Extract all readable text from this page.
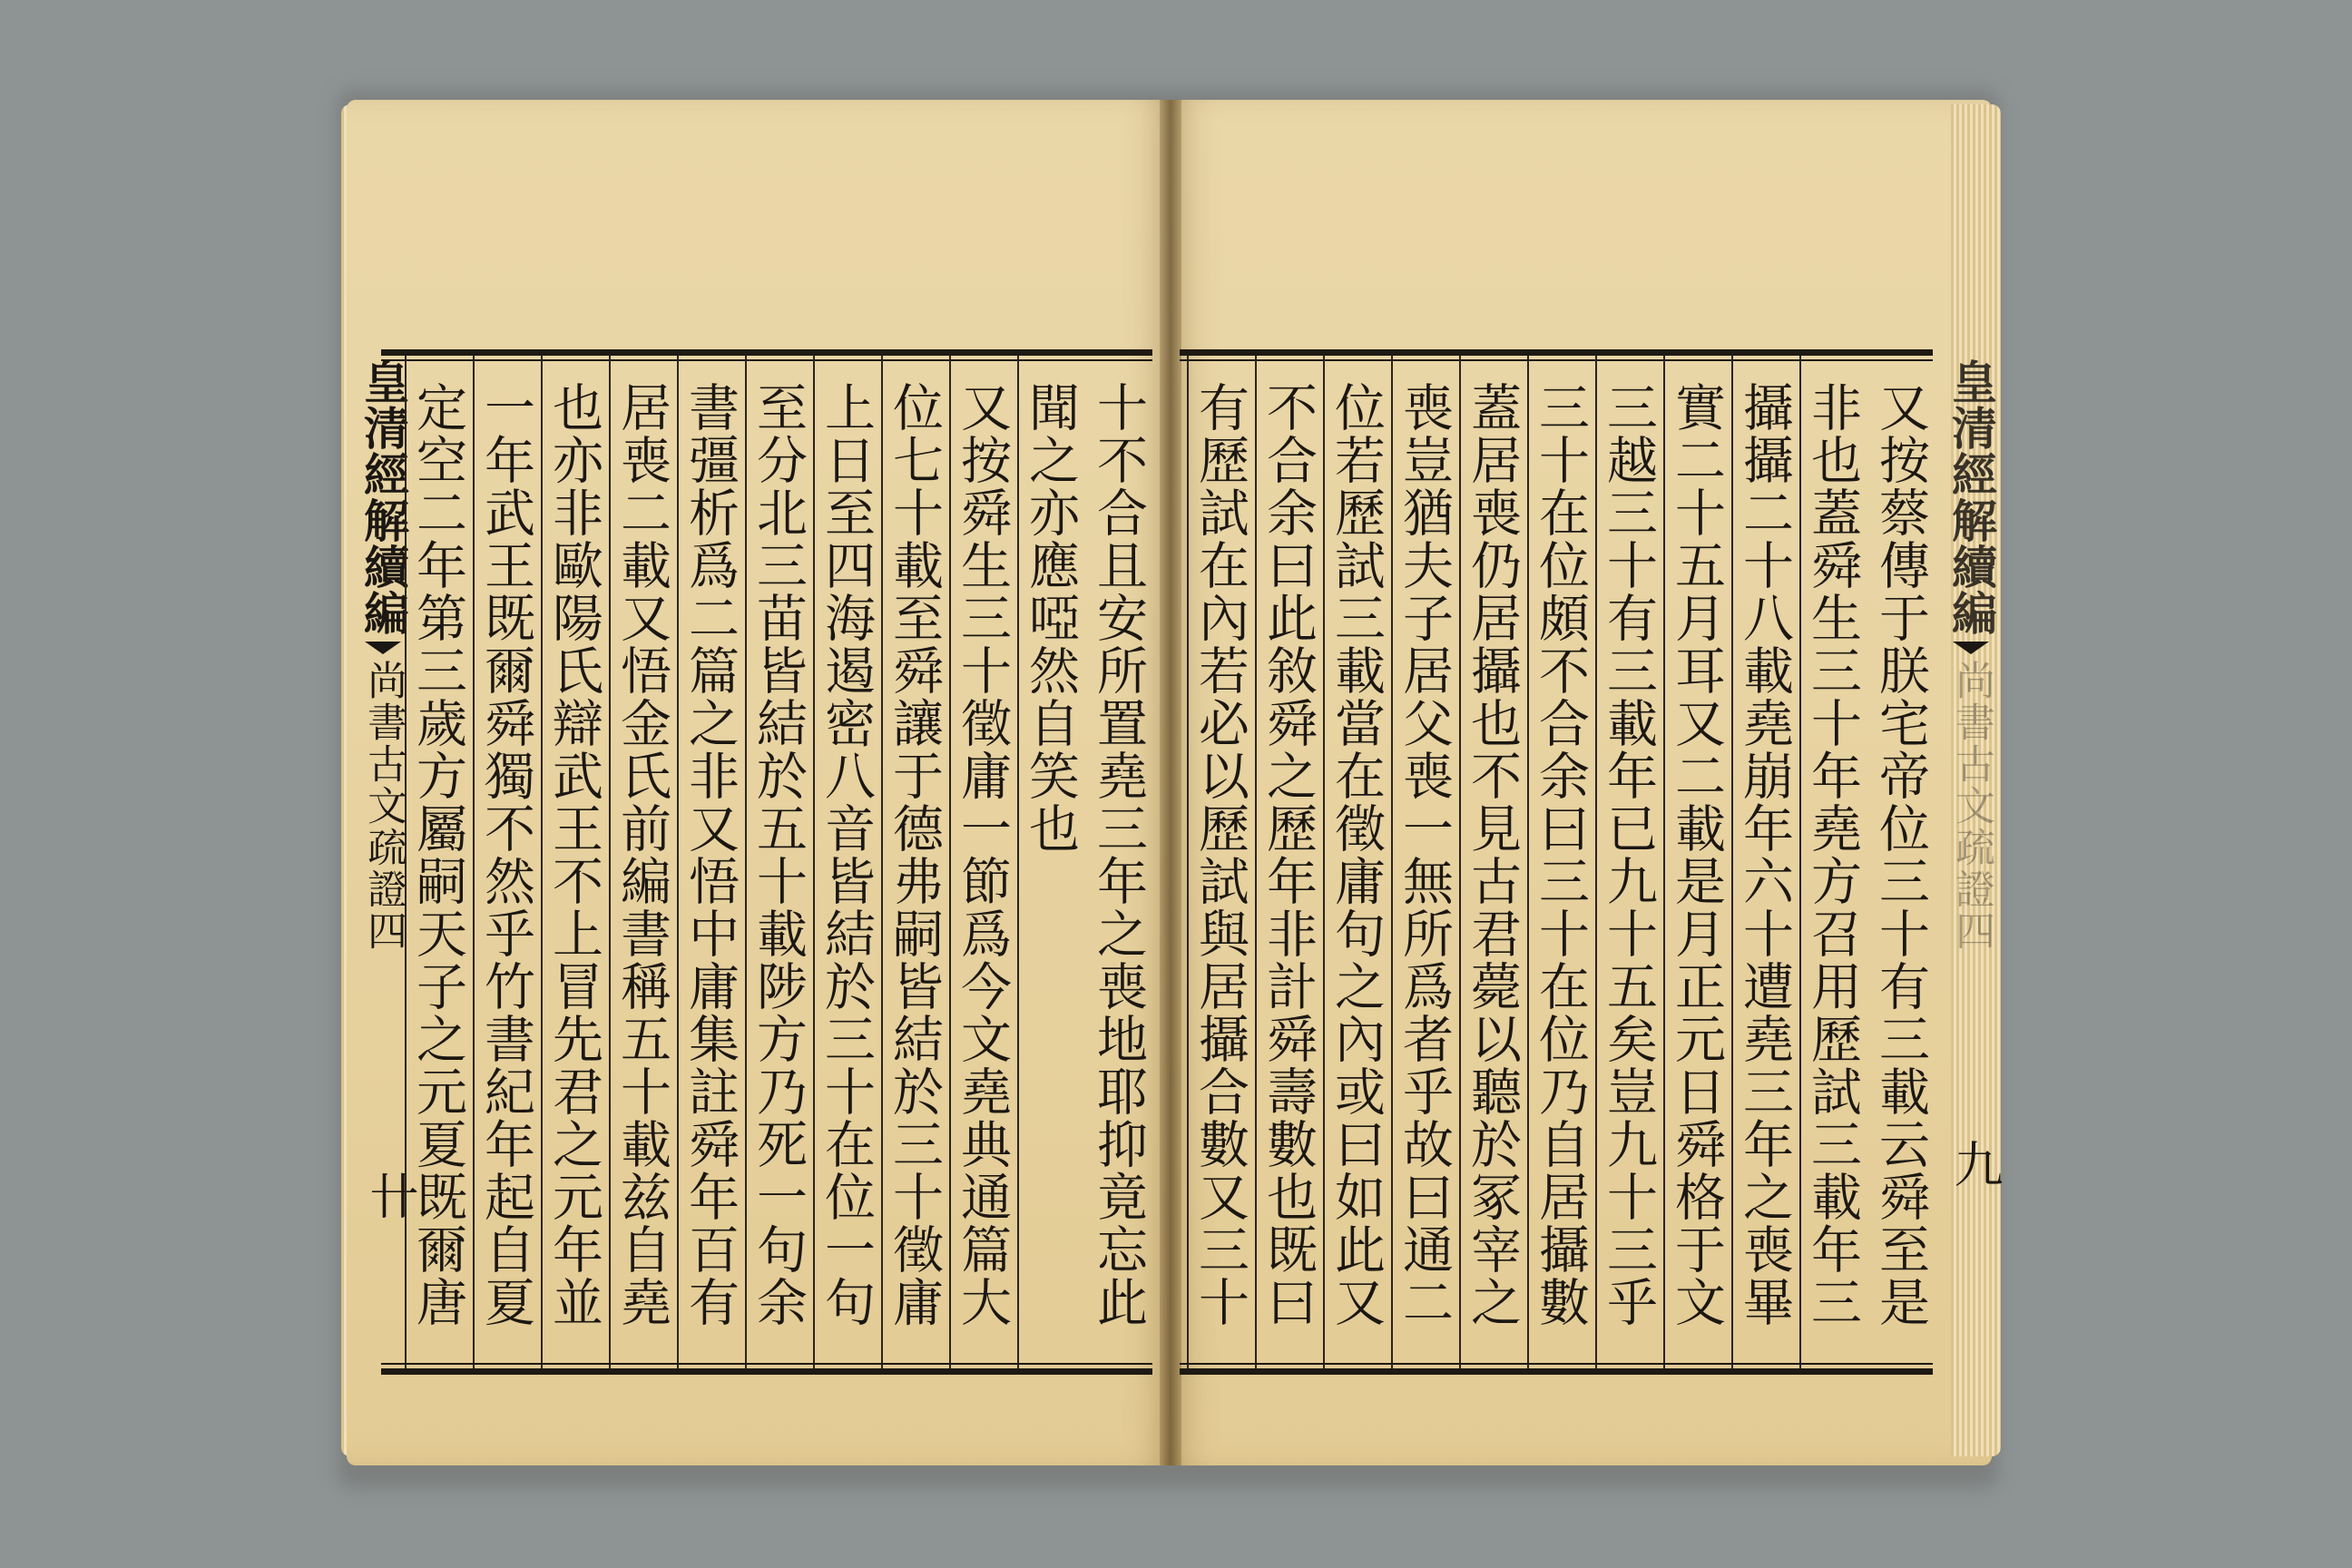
皇清經解續編尚書古文疏證四
卄
十不合且安所置堯三年之喪地耶抑竟忘此
聞之亦應啞然自笑也
又按舜生三十徵庸一節爲今文堯典通篇大
位七十載至舜讓于德弗嗣皆結於三十徵庸
上日至四海遏密八音皆結於三十在位一句
至分北三苗皆結於五十載陟方乃死一句余
書彊析爲二篇之非又悟中庸集註舜年百有
居喪二載又悟金氏前編書稱五十載兹自堯
也亦非歐陽氏辯武王不上冒先君之元年並
一年武王既爾舜獨不然乎竹書紀年起自夏
定空二年第三歲方屬嗣天子之元夏既爾唐
又按蔡傳于朕宅帝位三十有三載云舜至是
非也蓋舜生三十年堯方召用歷試三載年三
攝攝二十八載堯崩年六十遭堯三年之喪畢
實二十五月耳又二載是月正元日舜格于文
三越三十有三載年已九十五矣豈九十三乎
三十在位頗不合余曰三十在位乃自居攝數
蓋居喪仍居攝也不見古君薨以聽於冢宰之
喪豈猶夫子居父喪一無所爲者乎故曰通二
位若歷試三載當在徵庸句之內或曰如此又
不合余曰此敘舜之歷年非計舜壽數也既曰
有歷試在內若必以歷試與居攝合數又三十
皇清經解續編尚書古文疏證四
九
